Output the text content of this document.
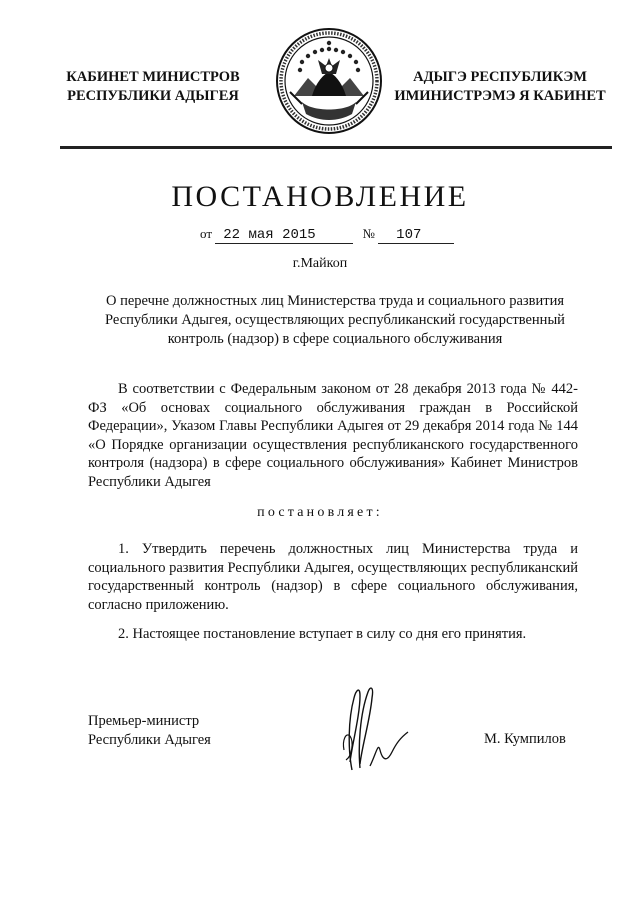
КАБИНЕТ МИНИСТРОВ
РЕСПУБЛИКИ АДЫГЕЯ
АДЫГЭ РЕСПУБЛИКЭМ
ИМИНИСТРЭМЭ Я КАБИНЕТ
ПОСТАНОВЛЕНИЕ
от 22 мая 2015	№ 107
г.Майкоп
О перечне должностных лиц Министерства труда и социального развития Республики Адыгея, осуществляющих республиканский государственный контроль (надзор) в сфере социального обслуживания
В соответствии с Федеральным законом от 28 декабря 2013 года № 442-ФЗ «Об основах социального обслуживания граждан в Российской Федерации», Указом Главы Республики Адыгея от 29 декабря 2014 года № 144 «О Порядке организации осуществления республиканского государственного контроля (надзора) в сфере социального обслуживания» Кабинет Министров Республики Адыгея
постановляет:
1. Утвердить перечень должностных лиц Министерства труда и социального развития Республики Адыгея, осуществляющих республиканский государственный контроль (надзор) в сфере социального обслуживания, согласно приложению.
2. Настоящее постановление вступает в силу со дня его принятия.
Премьер-министр
Республики Адыгея	М. Кумпилов
